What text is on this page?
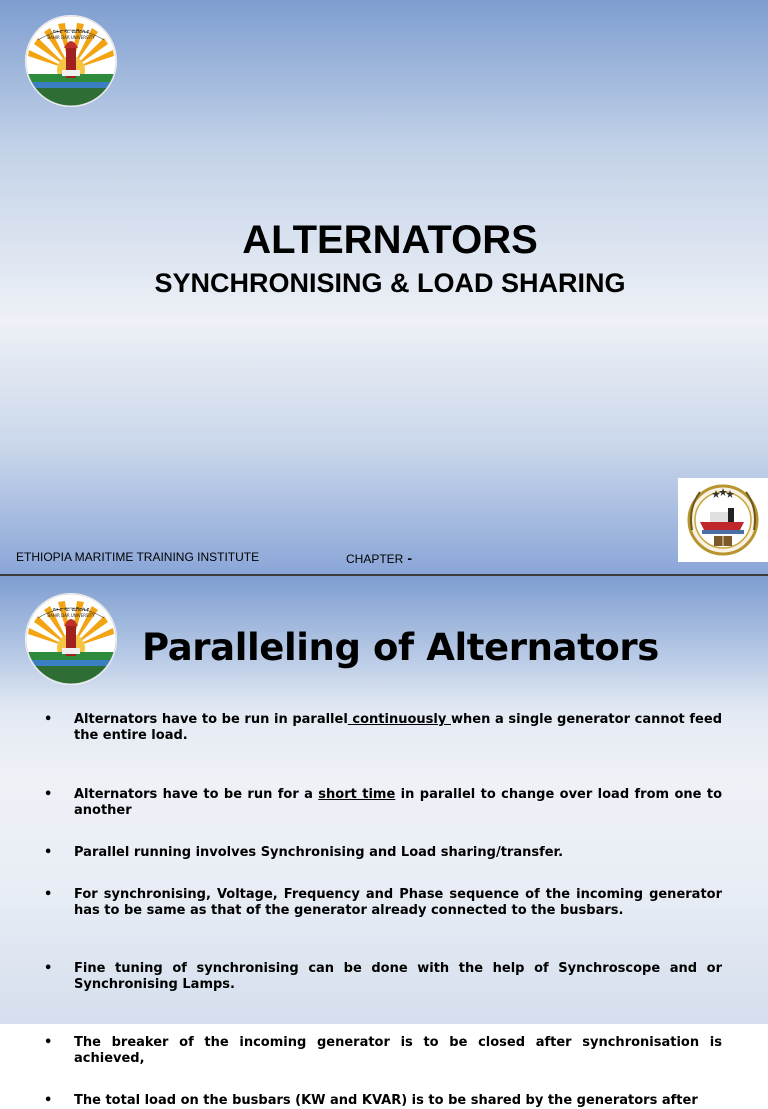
ባሕር ዳር ዩኒቨርሲቲ
BAHIR DAR UNIVERSITY
ALTERNATORS
SYNCHRONISING & LOAD SHARING
ETHIOPIA MARITIME TRAINING INSTITUTE	CHAPTER -
ባሕር ዳር ዩኒቨርሲቲ
BAHIR DAR UNIVERSITY
Paralleling of Alternators
• Alternators have to be run in parallel continuously when a single generator cannot feed the entire load.
• Alternators have to be run for a short time in parallel to change over load from one to another
• Parallel running involves Synchronising and Load sharing/transfer.
• For synchronising, Voltage, Frequency and Phase sequence of the incoming generator has to be same as that of the generator already connected to the busbars.
• Fine tuning of synchronising can be done with the help of Synchroscope and or Synchronising Lamps.
• The breaker of the incoming generator is to be closed after synchronisation is achieved,
• The total load on the busbars (KW and KVAR) is to be shared by the generators after
